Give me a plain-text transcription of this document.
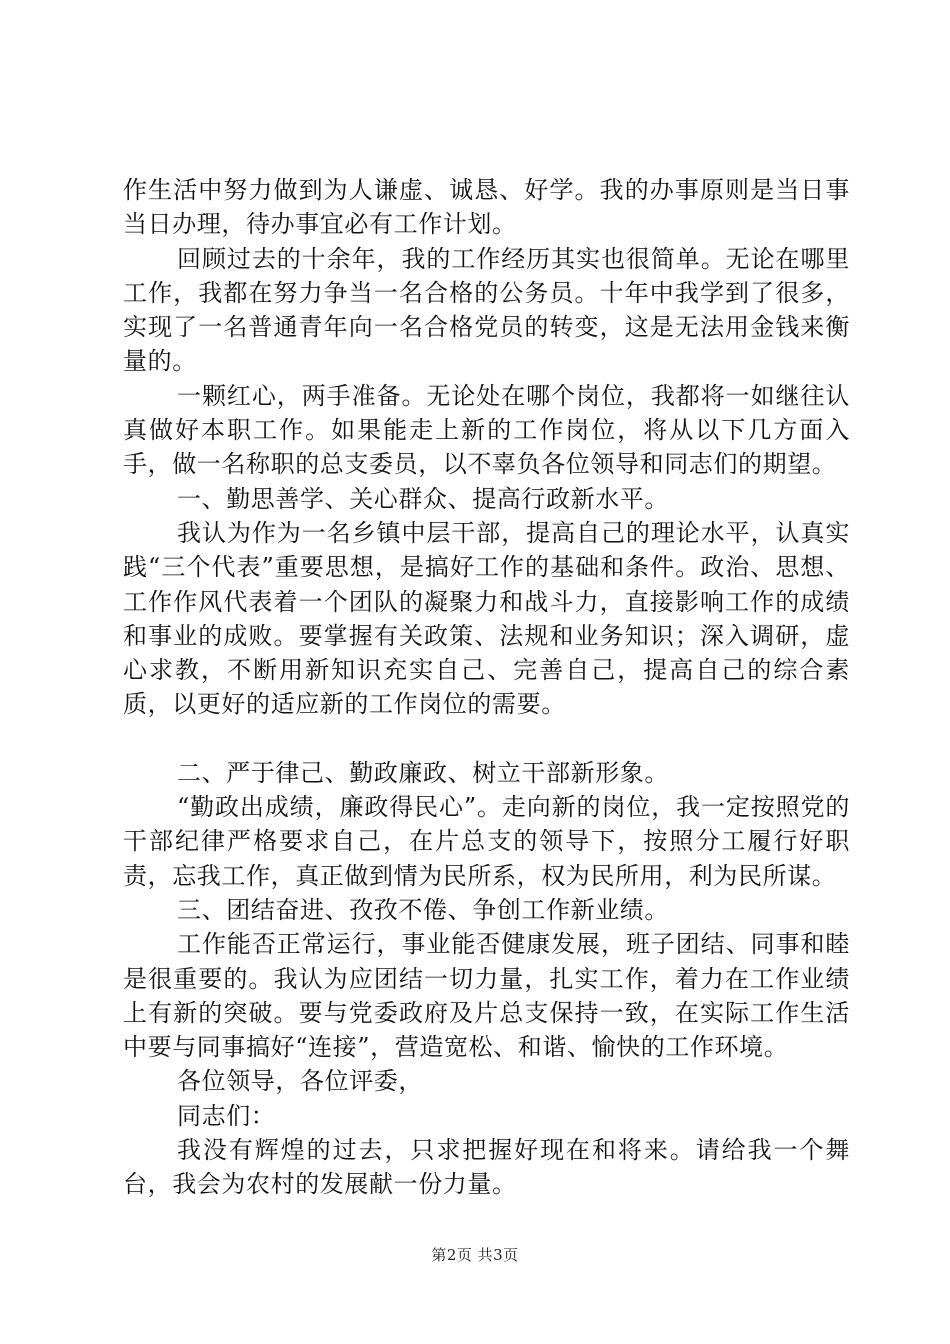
作生活中努力做到为人谦虚、诚恳、好学。我的办事原则是当日事当日办理，待办事宜必有工作计划。

回顾过去的十余年，我的工作经历其实也很简单。无论在哪里工作，我都在努力争当一名合格的公务员。十年中我学到了很多，实现了一名普通青年向一名合格党员的转变，这是无法用金钱来衡量的。

一颗红心，两手准备。无论处在哪个岗位，我都将一如继往认真做好本职工作。如果能走上新的工作岗位，将从以下几方面入手，做一名称职的总支委员，以不辜负各位领导和同志们的期望。

一、勤思善学、关心群众、提高行政新水平。

我认为作为一名乡镇中层干部，提高自己的理论水平，认真实践“三个代表”重要思想，是搞好工作的基础和条件。政治、思想、工作作风代表着一个团队的凝聚力和战斗力，直接影响工作的成绩和事业的成败。要掌握有关政策、法规和业务知识；深入调研，虚心求教，不断用新知识充实自己、完善自己，提高自己的综合素质，以更好的适应新的工作岗位的需要。

二、严于律己、勤政廉政、树立干部新形象。

“勤政出成绩，廉政得民心”。走向新的岗位，我一定按照党的干部纪律严格要求自己，在片总支的领导下，按照分工履行好职责，忘我工作，真正做到情为民所系，权为民所用，利为民所谋。

三、团结奋进、孜孜不倦、争创工作新业绩。

工作能否正常运行，事业能否健康发展，班子团结、同事和睦是很重要的。我认为应团结一切力量，扎实工作，着力在工作业绩上有新的突破。要与党委政府及片总支保持一致，在实际工作生活中要与同事搞好“连接”，营造宽松、和谐、愉快的工作环境。

各位领导，各位评委，

同志们：

我没有辉煌的过去，只求把握好现在和将来。请给我一个舞台，我会为农村的发展献一份力量。

第2页 共3页
